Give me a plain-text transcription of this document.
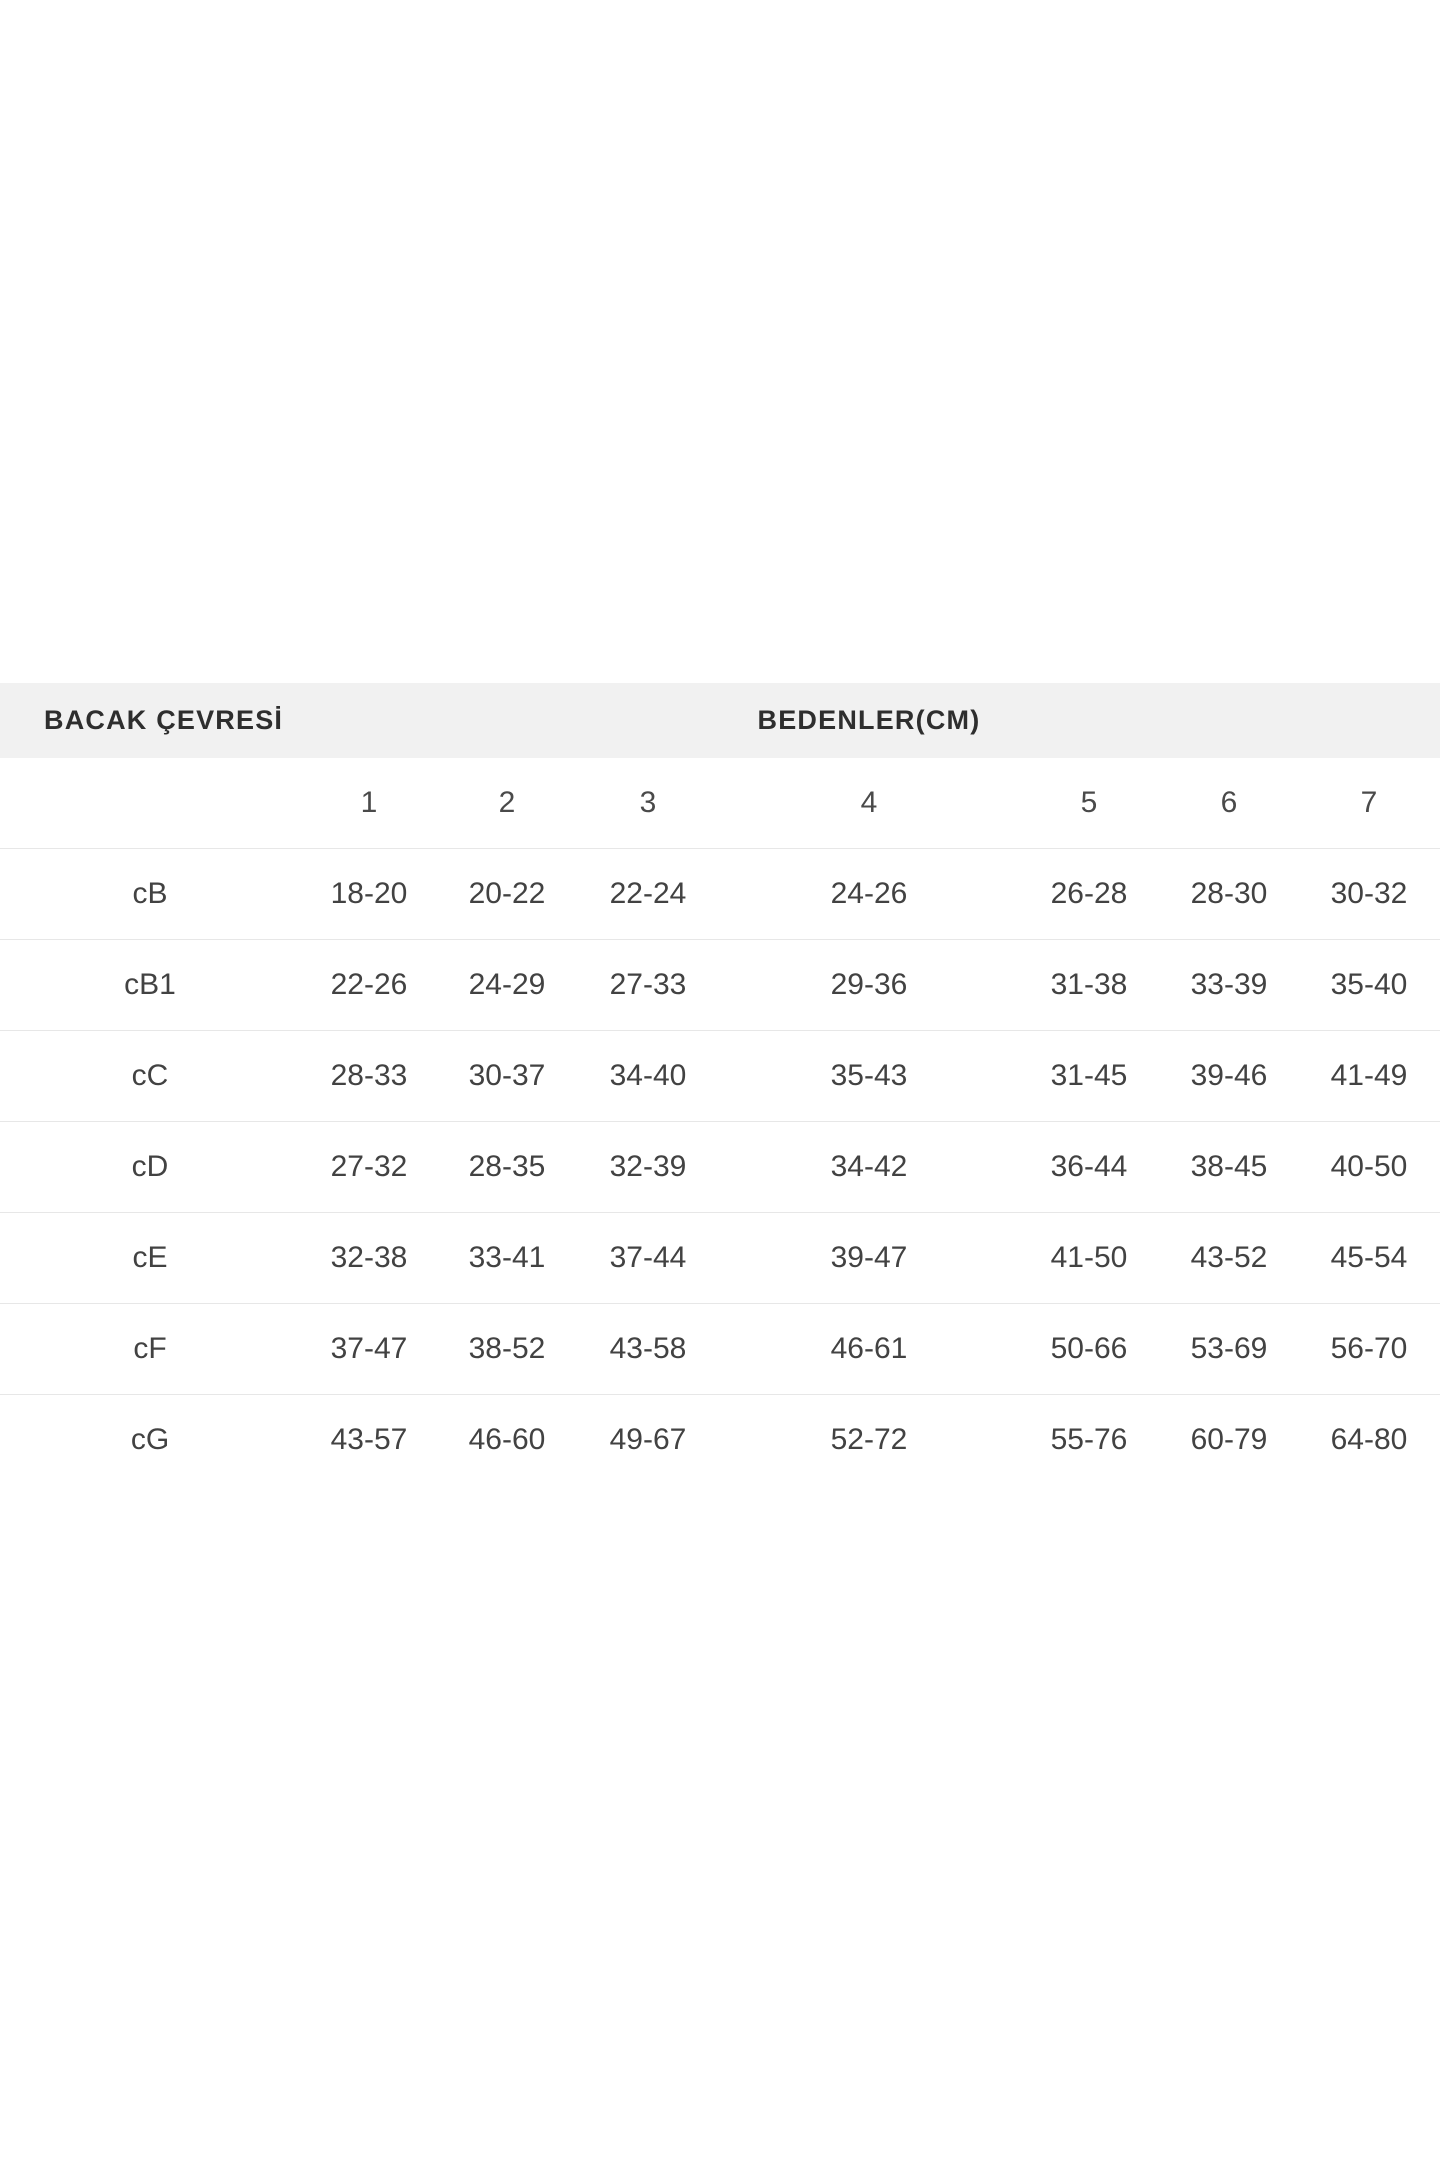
BACAK ÇEVRESİ				BEDENLER(CM)			
	1	2	3	4	5	6	7
cB	18-20	20-22	22-24	24-26	26-28	28-30	30-32
cB1	22-26	24-29	27-33	29-36	31-38	33-39	35-40
cC	28-33	30-37	34-40	35-43	31-45	39-46	41-49
cD	27-32	28-35	32-39	34-42	36-44	38-45	40-50
cE	32-38	33-41	37-44	39-47	41-50	43-52	45-54
cF	37-47	38-52	43-58	46-61	50-66	53-69	56-70
cG	43-57	46-60	49-67	52-72	55-76	60-79	64-80
